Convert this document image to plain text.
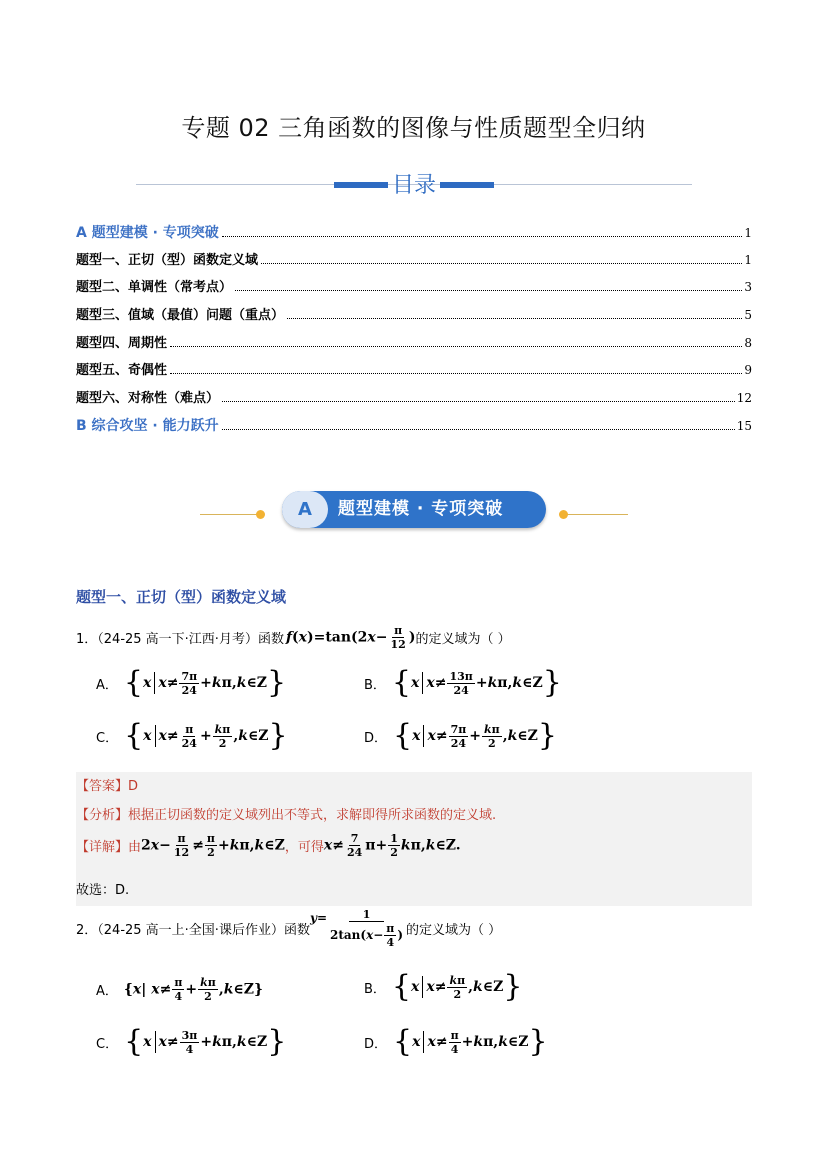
专题 02 三角函数的图像与性质题型全归纳
目录
A 题型建模 · 专项突破	1
题型一、正切（型）函数定义域	1
题型二、单调性（常考点）	3
题型三、值域（最值）问题（重点）	5
题型四、周期性	8
题型五、奇偶性	9
题型六、对称性（难点）	12
B 综合攻坚 · 能力跃升	15
A	题型建模 · 专项突破
题型一、正切（型）函数定义域
1．（24-25 高一下·江西·月考）函数 $f(x)=\tan(2x- \frac{\pi}{12}$ ) 的定义域为（ ）
A． {x $x\ne \frac{7\pi}{24}$ +kπ,k∈Z}	B． {x $x\ne \frac{13\pi}{24}$ +kπ,k∈Z}
C． {x $x\ne \frac{\pi}{24} + \frac{k\pi}{2}$ ,k∈Z}	D． {x $x\ne \frac{7\pi}{24} + \frac{k\pi}{2}$ ,k∈Z}
【答案】D
【分析】根据正切函数的定义域列出不等式，求解即得所求函数的定义域.
【详解】 由 $2x- \frac{\pi}{12} \ne \frac{\pi}{2}$ +kπ,k∈Z ，可得 $x\ne \frac{7}{24} \pi+ \frac{1}{2}$ kπ,k∈Z.
故选：D.
2．（24-25 高一上·全国·课后作业）函数
$y = \frac{1}{2\tan(x- \frac{\pi}{4} )}$ 的定义域为（ ）
A． {x| $x\ne \frac{\pi}{4} + \frac{k\pi}{2}$ ,k∈Z}	B． {x $x\ne \frac{k\pi}{2}$ ,k∈Z}
C． {x $x\ne \frac{3\pi}{4}$ +kπ,k∈Z}	D． {x $x\ne \frac{\pi}{4}$ +kπ,k∈Z}
